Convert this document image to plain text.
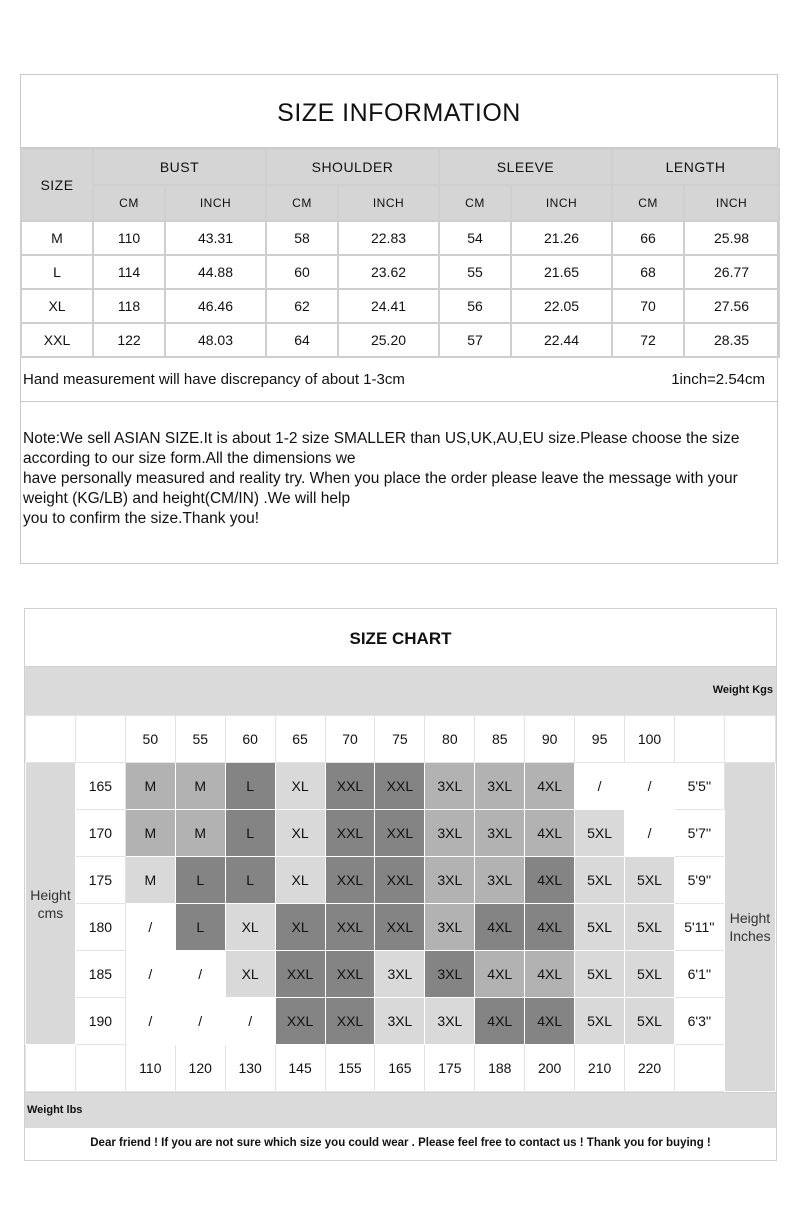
SIZE INFORMATION
SIZE	BUST		SHOULDER		SLEEVE		LENGTH	
	CM	INCH	CM	INCH	CM	INCH	CM	INCH
M	110	43.31	58	22.83	54	21.26	66	25.98
L	114	44.88	60	23.62	55	21.65	68	26.77
XL	118	46.46	62	24.41	56	22.05	70	27.56
XXL	122	48.03	64	25.20	57	22.44	72	28.35
Hand measurement will have discrepancy of about 1-3cm	1inch=2.54cm
Note:We sell ASIAN SIZE.It is about 1-2 size SMALLER than US,UK,AU,EU size.Please choose the size according to our size form.All the dimensions we
have personally measured and reality try. When you place the order please leave the message with your weight (KG/LB) and height(CM/IN) .We will help
you to confirm the size.Thank you!
SIZE CHART
Weight Kgs
		50	55	60	65	70	75	80	85	90	95	100		
Height cms	165	M	M	L	XL	XXL	XXL	3XL	3XL	4XL	/	/	5'5''	Height Inches
	170	M	M	L	XL	XXL	XXL	3XL	3XL	4XL	5XL	/	5'7''	
	175	M	L	L	XL	XXL	XXL	3XL	3XL	4XL	5XL	5XL	5'9''	
	180	/	L	XL	XL	XXL	XXL	3XL	4XL	4XL	5XL	5XL	5'11''	
	185	/	/	XL	XXL	XXL	3XL	3XL	4XL	4XL	5XL	5XL	6'1''	
	190	/	/	/	XXL	XXL	3XL	3XL	4XL	4XL	5XL	5XL	6'3''	
		110	120	130	145	155	165	175	188	200	210	220		
Weight lbs
Dear friend ! If you are not sure which size you could wear . Please feel free to contact us ! Thank you for buying !
